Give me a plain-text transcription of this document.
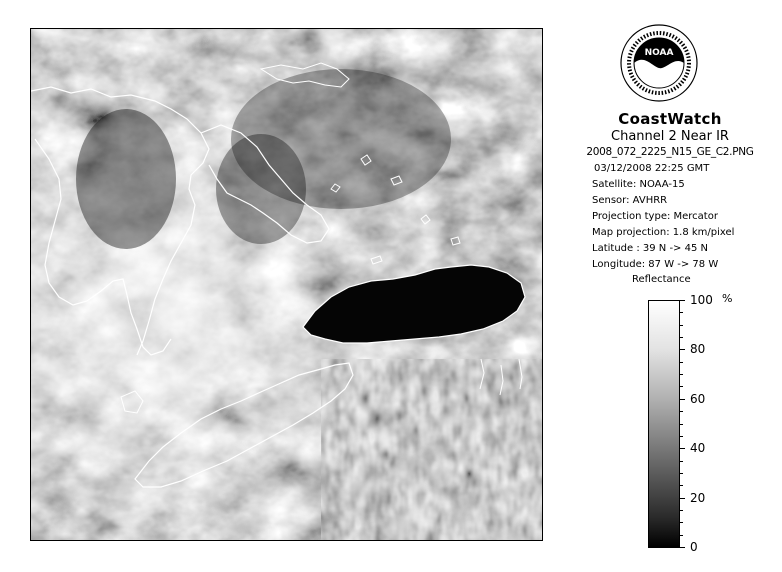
NOAA
CoastWatch
Channel 2 Near IR
2008_072_2225_N15_GE_C2.PNG
03/12/2008 22:25 GMT
Satellite: NOAA-15
Sensor: AVHRR
Projection type: Mercator
Map projection: 1.8 km/pixel
Latitude : 39 N -> 45 N
Longitude: 87 W -> 78 W
Reflectance
%
100
80
60
40
20
0
